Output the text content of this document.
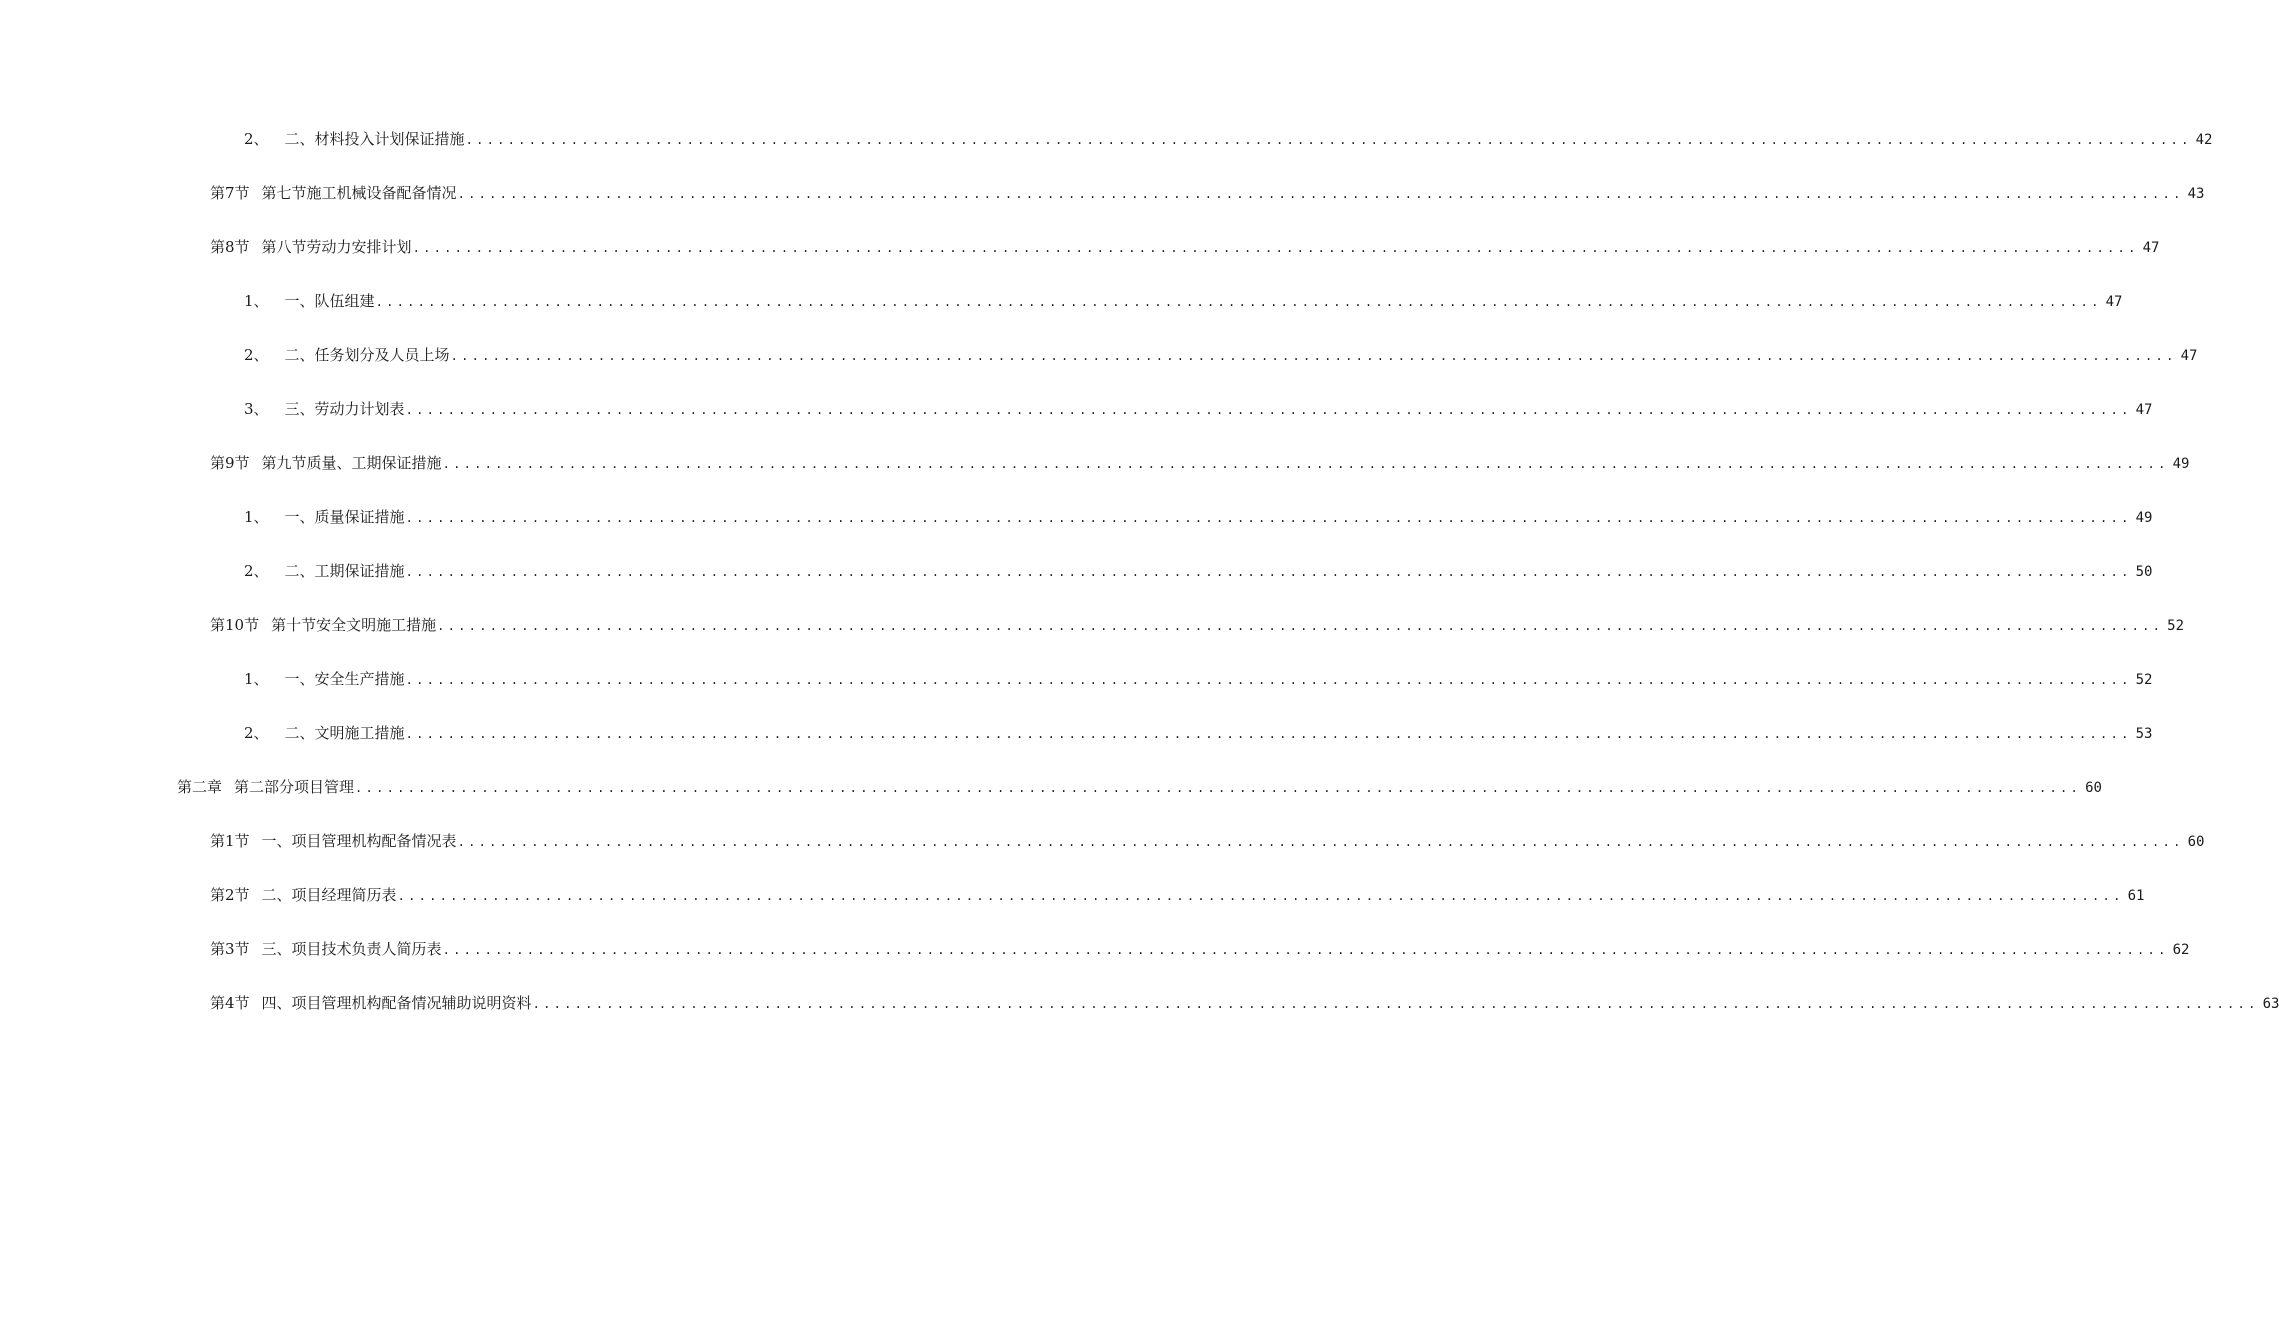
2、 二、材料投入计划保证措施 .................................................................................................................................................................... 42
第7节 第七节施工机械设备配备情况 .................................................................................................................................................................... 43
第8节 第八节劳动力安排计划 .................................................................................................................................................................... 47
1、 一、队伍组建 .................................................................................................................................................................... 47
2、 二、任务划分及人员上场 .................................................................................................................................................................... 47
3、 三、劳动力计划表 .................................................................................................................................................................... 47
第9节 第九节质量、工期保证措施 .................................................................................................................................................................... 49
1、 一、质量保证措施 .................................................................................................................................................................... 49
2、 二、工期保证措施 .................................................................................................................................................................... 50
第10节 第十节安全文明施工措施 .................................................................................................................................................................... 52
1、 一、安全生产措施 .................................................................................................................................................................... 52
2、 二、文明施工措施 .................................................................................................................................................................... 53
第二章 第二部分项目管理 .................................................................................................................................................................... 60
第1节 一、项目管理机构配备情况表 .................................................................................................................................................................... 60
第2节 二、项目经理简历表 .................................................................................................................................................................... 61
第3节 三、项目技术负责人简历表 .................................................................................................................................................................... 62
第4节 四、项目管理机构配备情况辅助说明资料 .................................................................................................................................................................... 63
